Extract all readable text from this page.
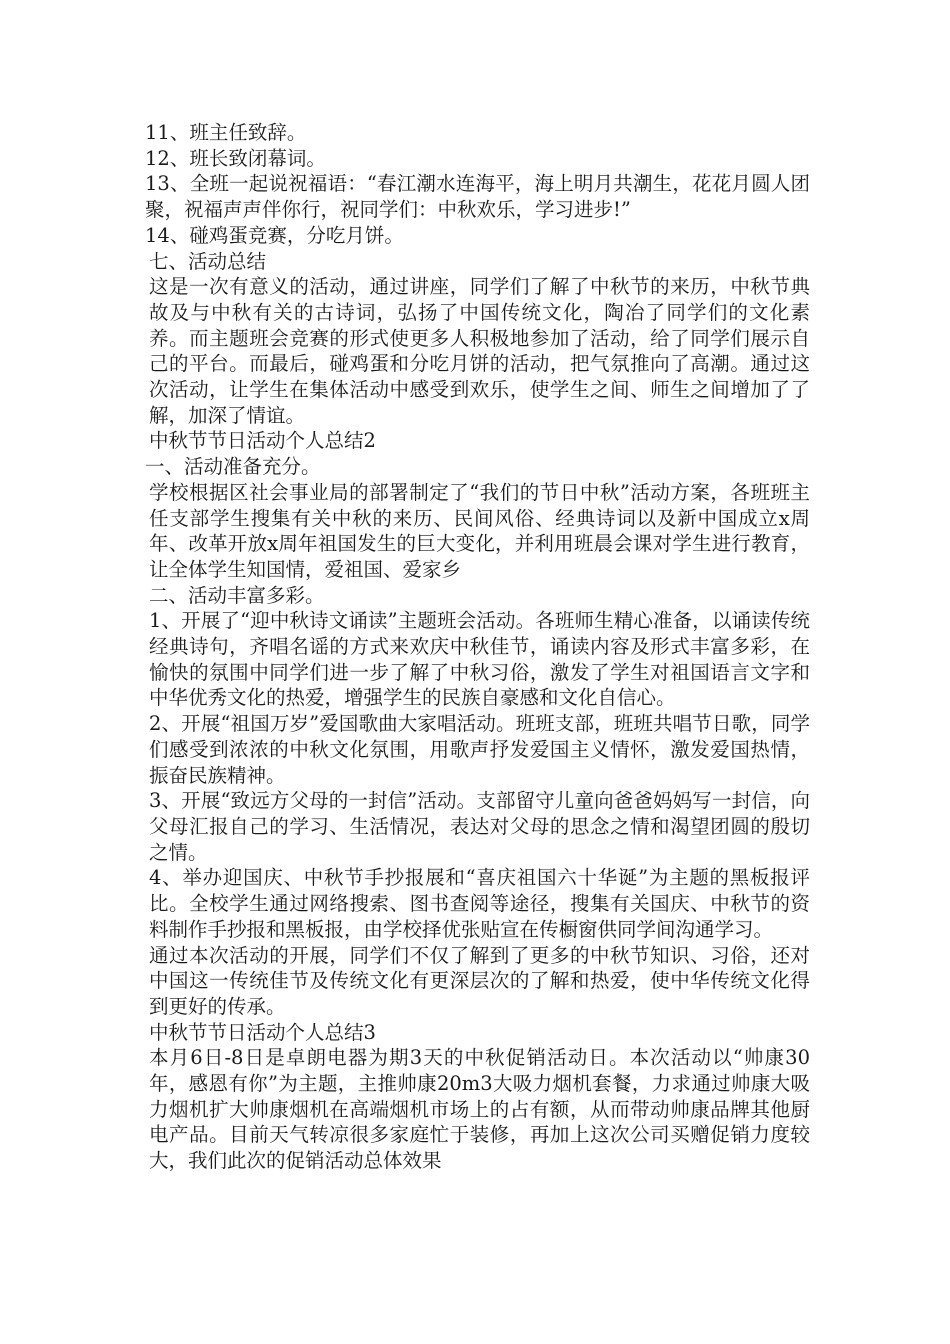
11、班主任致辞。

12、班长致闭幕词。

13、全班一起说祝福语：“春江潮水连海平，海上明月共潮生，花花月圆人团聚，祝福声声伴你行，祝同学们：中秋欢乐，学习进步!”

14、碰鸡蛋竞赛，分吃月饼。

七、活动总结

这是一次有意义的活动，通过讲座，同学们了解了中秋节的来历，中秋节典故及与中秋有关的古诗词，弘扬了中国传统文化，陶冶了同学们的文化素养。而主题班会竞赛的形式使更多人积极地参加了活动，给了同学们展示自己的平台。而最后，碰鸡蛋和分吃月饼的活动，把气氛推向了高潮。通过这次活动，让学生在集体活动中感受到欢乐，使学生之间、师生之间增加了了解，加深了情谊。

中秋节节日活动个人总结2

一、活动准备充分。

学校根据区社会事业局的部署制定了“我们的节日中秋”活动方案，各班班主任支部学生搜集有关中秋的来历、民间风俗、经典诗词以及新中国成立x周年、改革开放x周年祖国发生的巨大变化，并利用班晨会课对学生进行教育，让全体学生知国情，爱祖国、爱家乡

二、活动丰富多彩。

1、开展了“迎中秋诗文诵读”主题班会活动。各班师生精心准备，以诵读传统经典诗句，齐唱名谣的方式来欢庆中秋佳节，诵读内容及形式丰富多彩，在愉快的氛围中同学们进一步了解了中秋习俗，激发了学生对祖国语言文字和中华优秀文化的热爱，增强学生的民族自豪感和文化自信心。

2、开展“祖国万岁”爱国歌曲大家唱活动。班班支部，班班共唱节日歌，同学们感受到浓浓的中秋文化氛围，用歌声抒发爱国主义情怀，激发爱国热情，振奋民族精神。

3、开展“致远方父母的一封信”活动。支部留守儿童向爸爸妈妈写一封信，向父母汇报自己的学习、生活情况，表达对父母的思念之情和渴望团圆的殷切之情。

4、举办迎国庆、中秋节手抄报展和“喜庆祖国六十华诞”为主题的黑板报评比。全校学生通过网络搜索、图书查阅等途径，搜集有关国庆、中秋节的资料制作手抄报和黑板报，由学校择优张贴宣在传橱窗供同学间沟通学习。

通过本次活动的开展，同学们不仅了解到了更多的中秋节知识、习俗，还对中国这一传统佳节及传统文化有更深层次的了解和热爱，使中华传统文化得到更好的传承。

中秋节节日活动个人总结3

本月6日-8日是卓朗电器为期3天的中秋促销活动日。本次活动以“帅康30年，感恩有你”为主题，主推帅康20m3大吸力烟机套餐，力求通过帅康大吸力烟机扩大帅康烟机在高端烟机市场上的占有额，从而带动帅康品牌其他厨电产品。目前天气转凉很多家庭忙于装修，再加上这次公司买赠促销力度较大，我们此次的促销活动总体效果
